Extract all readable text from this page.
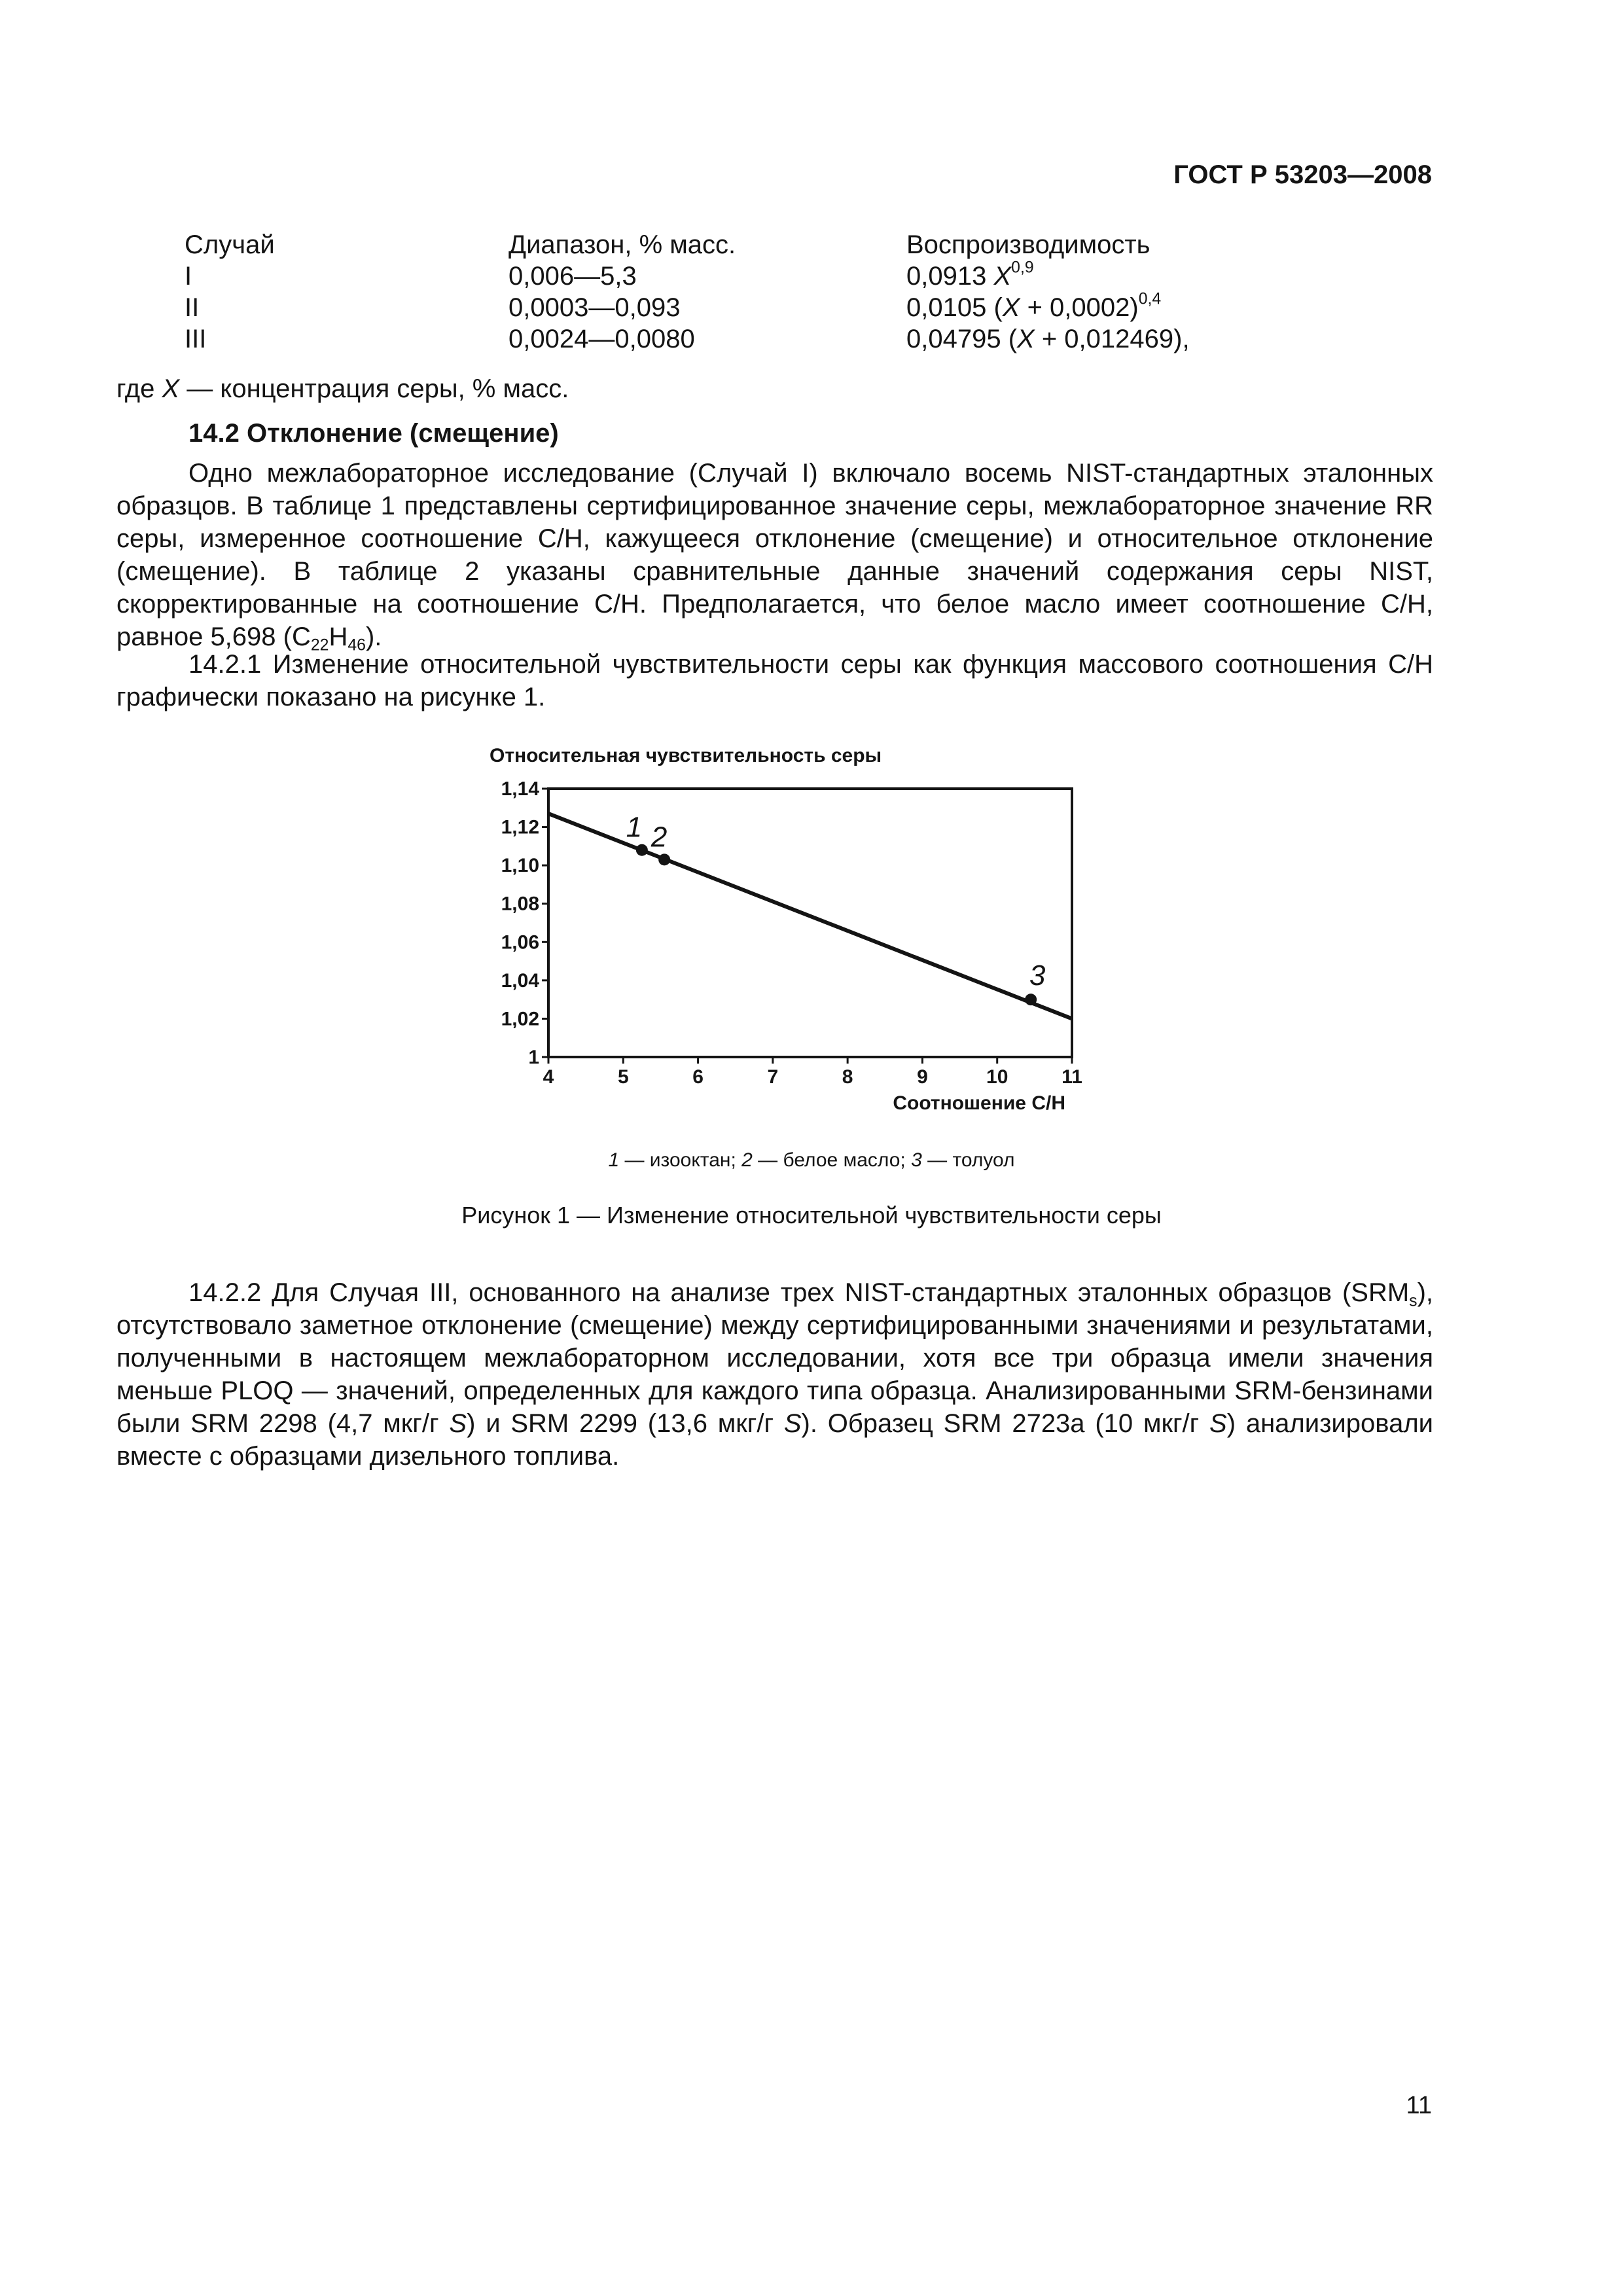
ГОСТ Р 53203—2008
Случай	Диапазон, % масс.	Воспроизводимость
I	0,006—5,3	0,0913 X$^{0,9}$
II	0,0003—0,093	0,0105 $(X + 0,0002)^{0,4}$
III	0,0024—0,0080	0,04795 (X + 0,012469),
где X — концентрация серы, % масс.
14.2 Отклонение (смещение)
Одно межлабораторное исследование (Случай I) включало восемь NIST-стандартных эталонных образцов. В таблице 1 представлены сертифицированное значение серы, межлабораторное значение RR серы, измеренное соотношение С/Н, кажущееся отклонение (смещение) и относительное отклонение (смещение). В таблице 2 указаны сравнительные данные значений содержания серы NIST, скорректированные на соотношение С/Н. Предполагается, что белое масло имеет соотношение С/Н, равное 5,698 $(С_{22}Н_{46})$.
14.2.1 Изменение относительной чувствительности серы как функция массового соотношения С/Н графически показано на рисунке 1.
Относительная чувствительность серы
Соотношение С/Н
1
1,02
1,04
1,06
1,08
1,10
1,12
1,14
4	5	6	7	8	9	10	11
1 2
3
1 — изооктан; 2 — белое масло; 3 — толуол
Рисунок 1 — Изменение относительной чувствительности серы
14.2.2 Для Случая III, основанного на анализе трех NIST-стандартных эталонных образцов $(SRM_s)$, отсутствовало заметное отклонение (смещение) между сертифицированными значениями и результатами, полученными в настоящем межлабораторном исследовании, хотя все три образца имели значения меньше PLOQ — значений, определенных для каждого типа образца. Анализированными SRM-бензинами были SRM 2298 (4,7 мкг/г S) и SRM 2299 (13,6 мкг/г S). Образец SRM 2723а (10 мкг/г S) анализировали вместе с образцами дизельного топлива.
11
